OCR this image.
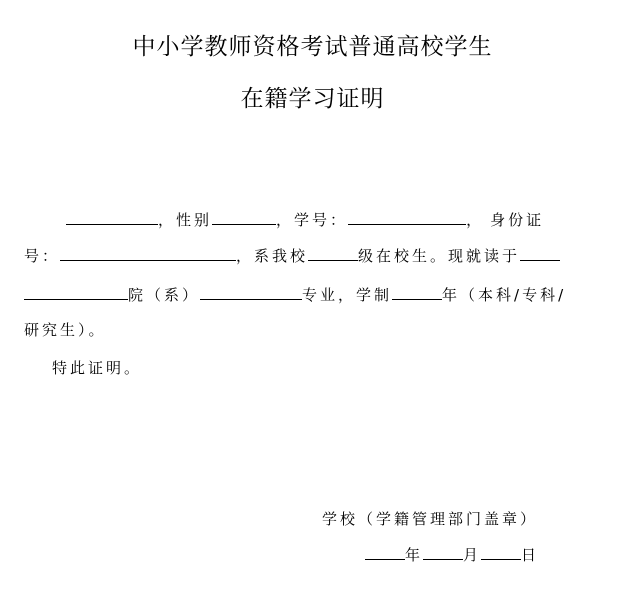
中小学教师资格考试普通高校学生
在籍学习证明
，性别	，学号：	， 身份证
号：	，系我校	级在校生。现就读于
院（系）	专业，学制	年（本科/专科/
研究生）。
特此证明。
学校（学籍管理部门盖章）
年	月	日
